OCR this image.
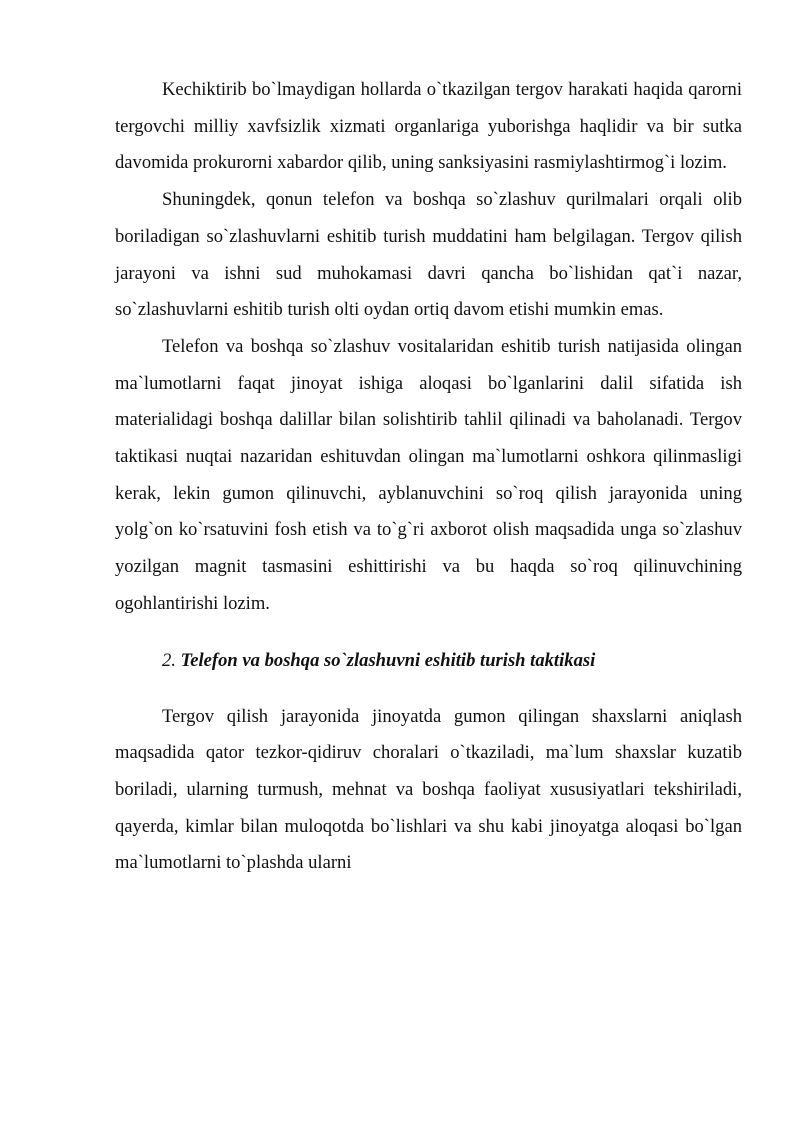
Kechiktirib bo`lmaydigan hollarda o`tkazilgan tergov harakati haqida qarorni tergovchi milliy xavfsizlik xizmati organlariga yuborishga haqlidir va bir sutka davomida prokurorni xabardor qilib, uning sanksiyasini rasmiylashtirmog`i lozim.

Shuningdek, qonun telefon va boshqa so`zlashuv qurilmalari orqali olib boriladigan so`zlashuvlarni eshitib turish muddatini ham belgilagan. Tergov qilish jarayoni va ishni sud muhokamasi davri qancha bo`lishidan qat`i nazar, so`zlashuvlarni eshitib turish olti oydan ortiq davom etishi mumkin emas.

Telefon va boshqa so`zlashuv vositalaridan eshitib turish natijasida olingan ma`lumotlarni faqat jinoyat ishiga aloqasi bo`lganlarini dalil sifatida ish materialidagi boshqa dalillar bilan solishtirib tahlil qilinadi va baholanadi. Tergov taktikasi nuqtai nazaridan eshituvdan olingan ma`lumotlarni oshkora qilinmasligi kerak, lekin gumon qilinuvchi, ayblanuvchini so`roq qilish jarayonida uning yolg`on ko`rsatuvini fosh etish va to`g`ri axborot olish maqsadida unga so`zlashuv yozilgan magnit tasmasini eshittirishi va bu haqda so`roq qilinuvchining ogohlantirishi lozim.

2. Telefon va boshqa so`zlashuvni eshitib turish taktikasi

Tergov qilish jarayonida jinoyatda gumon qilingan shaxslarni aniqlash maqsadida qator tezkor-qidiruv choralari o`tkaziladi, ma`lum shaxslar kuzatib boriladi, ularning turmush, mehnat va boshqa faoliyat xususiyatlari tekshiriladi, qayerda, kimlar bilan muloqotda bo`lishlari va shu kabi jinoyatga aloqasi bo`lgan ma`lumotlarni to`plashda ularni
